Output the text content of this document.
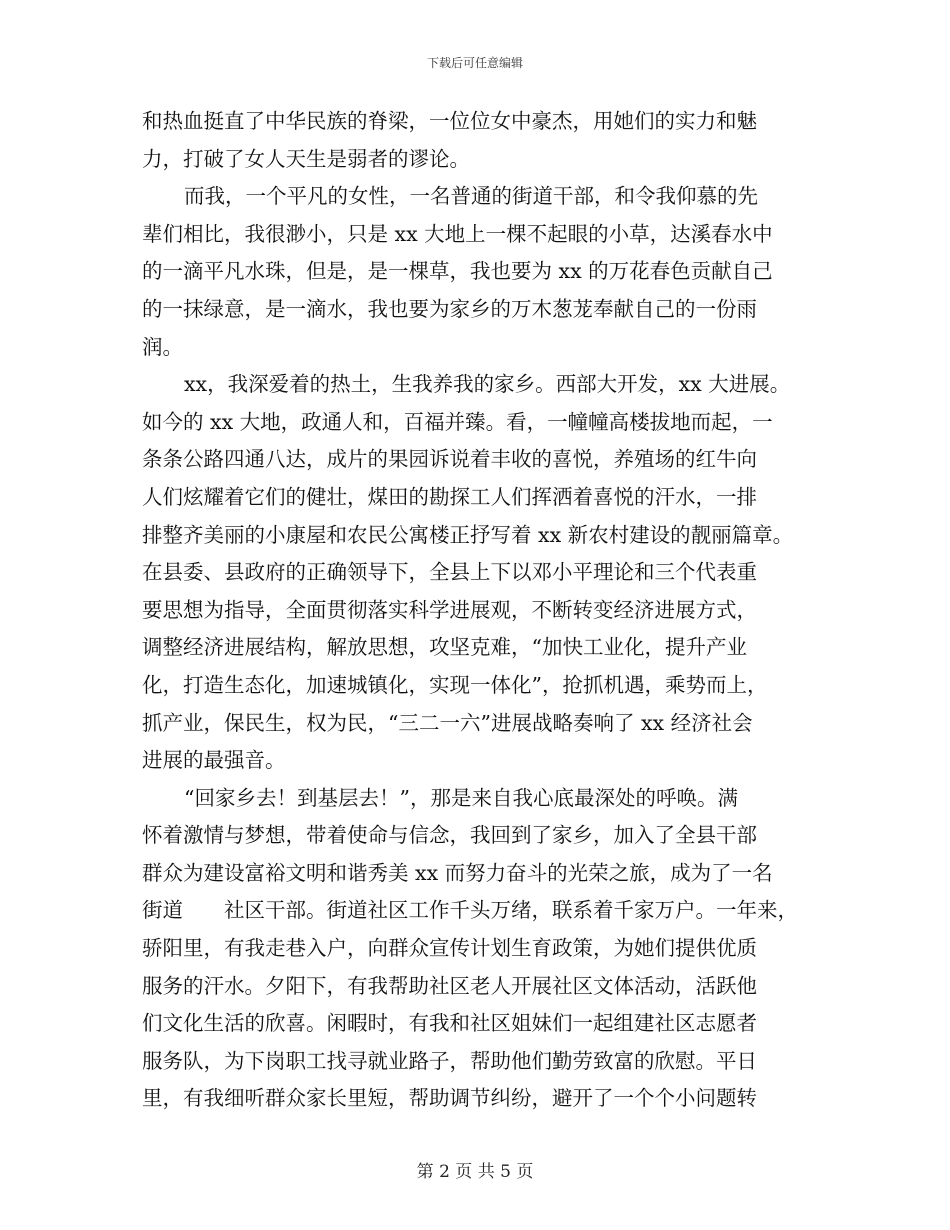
下载后可任意编辑
和热血挺直了中华民族的脊梁，一位位女中豪杰，用她们的实力和魅
力，打破了女人天生是弱者的谬论。
而我，一个平凡的女性，一名普通的街道干部，和令我仰慕的先
辈们相比，我很渺小，只是 xx 大地上一棵不起眼的小草，达溪春水中
的一滴平凡水珠，但是，是一棵草，我也要为 xx 的万花春色贡献自己
的一抹绿意，是一滴水，我也要为家乡的万木葱茏奉献自己的一份雨
润。
xx，我深爱着的热土，生我养我的家乡。西部大开发，xx 大进展。
如今的 xx 大地，政通人和，百福并臻。看，一幢幢高楼拔地而起，一
条条公路四通八达，成片的果园诉说着丰收的喜悦，养殖场的红牛向
人们炫耀着它们的健壮，煤田的勘探工人们挥洒着喜悦的汗水，一排
排整齐美丽的小康屋和农民公寓楼正抒写着 xx 新农村建设的靓丽篇章。
在县委、县政府的正确领导下，全县上下以邓小平理论和三个代表重
要思想为指导，全面贯彻落实科学进展观，不断转变经济进展方式，
调整经济进展结构，解放思想，攻坚克难，“加快工业化，提升产业
化，打造生态化，加速城镇化，实现一体化”，抢抓机遇，乘势而上，
抓产业，保民生，权为民，“三二一六”进展战略奏响了 xx 经济社会
进展的最强音。
“回家乡去！到基层去！”，那是来自我心底最深处的呼唤。满
怀着激情与梦想，带着使命与信念，我回到了家乡，加入了全县干部
群众为建设富裕文明和谐秀美 xx 而努力奋斗的光荣之旅，成为了一名
街道　　社区干部。街道社区工作千头万绪，联系着千家万户。一年来，
骄阳里，有我走巷入户，向群众宣传计划生育政策，为她们提供优质
服务的汗水。夕阳下，有我帮助社区老人开展社区文体活动，活跃他
们文化生活的欣喜。闲暇时，有我和社区姐妹们一起组建社区志愿者
服务队，为下岗职工找寻就业路子，帮助他们勤劳致富的欣慰。平日
里，有我细听群众家长里短，帮助调节纠纷，避开了一个个小问题转
第 2 页 共 5 页
